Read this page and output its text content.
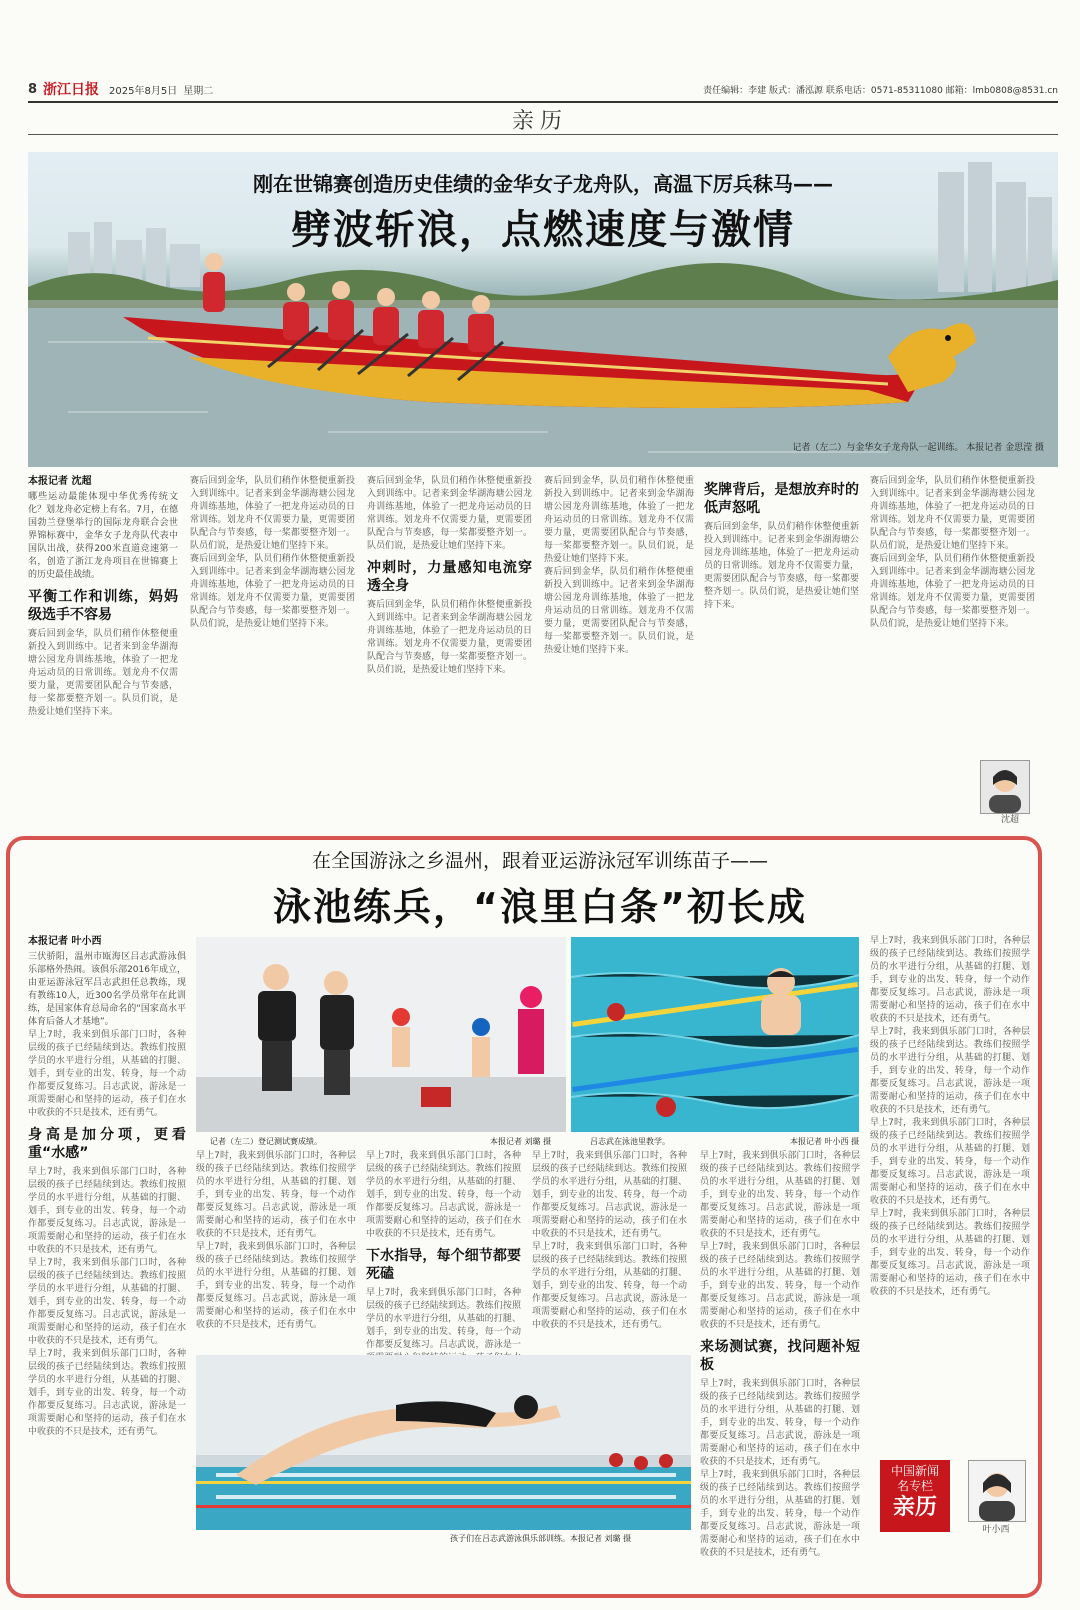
8 浙江日报 2025年8月5日 星期二	责任编辑：李建 版式：潘泓源 联系电话：0571-85311080 邮箱：lmb0808@8531.cn
亲历
刚在世锦赛创造历史佳绩的金华女子龙舟队，高温下厉兵秣马——
劈波斩浪，点燃速度与激情
记者（左二）与金华女子龙舟队一起训练。 本报记者 金思滢 摄
本报记者 沈超
哪些运动最能体现中华优秀传统文化？划龙舟必定榜上有名。7月，在德国勃兰登堡举行的国际龙舟联合会世界锦标赛中，金华女子龙舟队代表中国队出战，获得200米直道竞速第一名，创造了浙江龙舟项目在世锦赛上的历史最佳战绩。
平衡工作和训练，妈妈级选手不容易
赛后回到金华，队员们稍作休整便重新投入到训练中。记者来到金华湖海塘公园龙舟训练基地，体验了一把龙舟运动员的日常训练。划龙舟不仅需要力量，更需要团队配合与节奏感，每一桨都要整齐划一。队员们说，是热爱让她们坚持下来。
赛后回到金华，队员们稍作休整便重新投入到训练中。记者来到金华湖海塘公园龙舟训练基地，体验了一把龙舟运动员的日常训练。划龙舟不仅需要力量，更需要团队配合与节奏感，每一桨都要整齐划一。队员们说，是热爱让她们坚持下来。
赛后回到金华，队员们稍作休整便重新投入到训练中。记者来到金华湖海塘公园龙舟训练基地，体验了一把龙舟运动员的日常训练。划龙舟不仅需要力量，更需要团队配合与节奏感，每一桨都要整齐划一。队员们说，是热爱让她们坚持下来。
赛后回到金华，队员们稍作休整便重新投入到训练中。记者来到金华湖海塘公园龙舟训练基地，体验了一把龙舟运动员的日常训练。划龙舟不仅需要力量，更需要团队配合与节奏感，每一桨都要整齐划一。队员们说，是热爱让她们坚持下来。
冲刺时，力量感知电流穿透全身
赛后回到金华，队员们稍作休整便重新投入到训练中。记者来到金华湖海塘公园龙舟训练基地，体验了一把龙舟运动员的日常训练。划龙舟不仅需要力量，更需要团队配合与节奏感，每一桨都要整齐划一。队员们说，是热爱让她们坚持下来。
赛后回到金华，队员们稍作休整便重新投入到训练中。记者来到金华湖海塘公园龙舟训练基地，体验了一把龙舟运动员的日常训练。划龙舟不仅需要力量，更需要团队配合与节奏感，每一桨都要整齐划一。队员们说，是热爱让她们坚持下来。
赛后回到金华，队员们稍作休整便重新投入到训练中。记者来到金华湖海塘公园龙舟训练基地，体验了一把龙舟运动员的日常训练。划龙舟不仅需要力量，更需要团队配合与节奏感，每一桨都要整齐划一。队员们说，是热爱让她们坚持下来。
奖牌背后，是想放弃时的低声怒吼
赛后回到金华，队员们稍作休整便重新投入到训练中。记者来到金华湖海塘公园龙舟训练基地，体验了一把龙舟运动员的日常训练。划龙舟不仅需要力量，更需要团队配合与节奏感，每一桨都要整齐划一。队员们说，是热爱让她们坚持下来。
赛后回到金华，队员们稍作休整便重新投入到训练中。记者来到金华湖海塘公园龙舟训练基地，体验了一把龙舟运动员的日常训练。划龙舟不仅需要力量，更需要团队配合与节奏感，每一桨都要整齐划一。队员们说，是热爱让她们坚持下来。
赛后回到金华，队员们稍作休整便重新投入到训练中。记者来到金华湖海塘公园龙舟训练基地，体验了一把龙舟运动员的日常训练。划龙舟不仅需要力量，更需要团队配合与节奏感，每一桨都要整齐划一。队员们说，是热爱让她们坚持下来。
沈超
在全国游泳之乡温州，跟着亚运游泳冠军训练苗子——
泳池练兵，“浪里白条”初长成
本报记者 叶小西
三伏骄阳，温州市瓯海区吕志武游泳俱乐部格外热闹。该俱乐部2016年成立，由亚运游泳冠军吕志武担任总教练，现有教练10人，近300名学员常年在此训练，是国家体育总局命名的“国家高水平体育后备人才基地”。
早上7时，我来到俱乐部门口时，各种层级的孩子已经陆续到达。教练们按照学员的水平进行分组，从基础的打腿、划手，到专业的出发、转身，每一个动作都要反复练习。吕志武说，游泳是一项需要耐心和坚持的运动，孩子们在水中收获的不只是技术，还有勇气。
身高是加分项，更看重“水感”
早上7时，我来到俱乐部门口时，各种层级的孩子已经陆续到达。教练们按照学员的水平进行分组，从基础的打腿、划手，到专业的出发、转身，每一个动作都要反复练习。吕志武说，游泳是一项需要耐心和坚持的运动，孩子们在水中收获的不只是技术，还有勇气。
早上7时，我来到俱乐部门口时，各种层级的孩子已经陆续到达。教练们按照学员的水平进行分组，从基础的打腿、划手，到专业的出发、转身，每一个动作都要反复练习。吕志武说，游泳是一项需要耐心和坚持的运动，孩子们在水中收获的不只是技术，还有勇气。
早上7时，我来到俱乐部门口时，各种层级的孩子已经陆续到达。教练们按照学员的水平进行分组，从基础的打腿、划手，到专业的出发、转身，每一个动作都要反复练习。吕志武说，游泳是一项需要耐心和坚持的运动，孩子们在水中收获的不只是技术，还有勇气。
记者（左二）登记测试赛成绩。	本报记者 刘璐 摄	吕志武在泳池里教学。	本报记者 叶小西 摄
早上7时，我来到俱乐部门口时，各种层级的孩子已经陆续到达。教练们按照学员的水平进行分组，从基础的打腿、划手，到专业的出发、转身，每一个动作都要反复练习。吕志武说，游泳是一项需要耐心和坚持的运动，孩子们在水中收获的不只是技术，还有勇气。
早上7时，我来到俱乐部门口时，各种层级的孩子已经陆续到达。教练们按照学员的水平进行分组，从基础的打腿、划手，到专业的出发、转身，每一个动作都要反复练习。吕志武说，游泳是一项需要耐心和坚持的运动，孩子们在水中收获的不只是技术，还有勇气。
早上7时，我来到俱乐部门口时，各种层级的孩子已经陆续到达。教练们按照学员的水平进行分组，从基础的打腿、划手，到专业的出发、转身，每一个动作都要反复练习。吕志武说，游泳是一项需要耐心和坚持的运动，孩子们在水中收获的不只是技术，还有勇气。
下水指导，每个细节都要死磕
早上7时，我来到俱乐部门口时，各种层级的孩子已经陆续到达。教练们按照学员的水平进行分组，从基础的打腿、划手，到专业的出发、转身，每一个动作都要反复练习。吕志武说，游泳是一
早上7时，我来到俱乐部门口时，各种层级的孩子已经陆续到达。教练们按照学员的水平进行分组，从基础的打腿、划手，到专业的出发、转身，每一个动作都要反复练习。吕志武说，游泳是一项需要耐心和坚持的运动，孩子们在水中收获的不只是技术，还有勇气。
早上7时，我来到俱乐部门口时，各种层级的孩子已经陆续到达。教练们按照学员的水平进行分组，从基础的打腿、划手，到专业的出发、转身，每一个动作都要反复练习。吕志武说，游泳是一项需要耐心和坚持的运动，孩子们在水中收获的不只是技术，还有勇气。
孩子们在吕志武游泳俱乐部训练。本报记者 刘璐 摄
早上7时，我来到俱乐部门口时，各种层级的孩子已经陆续到达。教练们按照学员的水平进行分组，从基础的打腿、划手，到专业的出发、转身，每一个动作都要反复练习。吕志武说，游泳是一项需要耐心和坚持的运动，孩子们在水中收获的不只是技术，还有勇气。
早上7时，我来到俱乐部门口时，各种层级的孩子已经陆续到达。教练们按照学员的水平进行分组，从基础的打腿、划手，到专业的出发、转身，每一个动作都要反复练习。吕志武说，游泳是一项需要耐心和坚持的运动，孩子们在水中收获的不只是技术，还有勇气。
来场测试赛，找问题补短板
早上7时，我来到俱乐部门口时，各种层级的孩子已经陆续到达。教练们按照学员的水平进行分组，从基础的打腿、划手，到专业的出发、转身，每一个动作都要反复练习。吕志武说，游泳是一项需要耐心和坚持的运动，孩子们在水中收获的不只是技术，还有勇气。
早上7时，我来到俱乐部门口时，各种层级的孩子已经陆续到达。教练们按照学员的水平进行分组，从基础的打腿、划手，到专业的出发、转身，每一个动作都要反复练习。吕志武说，游泳是一项需要耐心和坚持的运动，孩子们在水中收获的不只是技术，还有勇气。
早上7时，我来到俱乐部门口时，各种层级的孩子已经陆续到达。教练们按照学员的水平进行分组，从基础的打腿、划手，到专业的出发、转身，每一个动作都要反复练习。吕志武说，游泳是一项需要耐心和坚持的运动，孩子们在水中收获的不只是技术，还有勇气。
早上7时，我来到俱乐部门口时，各种层级的孩子已经陆续到达。教练们按照学员的水平进行分组，从基础的打腿、划手，到专业的出发、转身，每一个动作都要反复练习。吕志武说，游泳是一项需要耐心和坚持的运动，孩子们在水中收获的不只是技术，还有勇气。
早上7时，我来到俱乐部门口时，各种层级的孩子已经陆续到达。教练们按照学员的水平进行分组，从基础的打腿、划手，到专业的出发、转身，每一个动作都要反复练习。吕志武说，游泳是一项需要耐心和坚持的运动，孩子们在水中收获的不只是技术，还有勇气。
早上7时，我来到俱乐部门口时，各种层级的孩子已经陆续到达。教练们按照学员的水平进行分组，从基础的打腿、划手，到专业的出发、转身，每一个动作都要反复练习。吕志武说，游泳是一项需要耐心和坚持的运动，孩子们在水中收获的不只是技术，还有勇气。
中国新闻
名专栏
亲历
叶小西
